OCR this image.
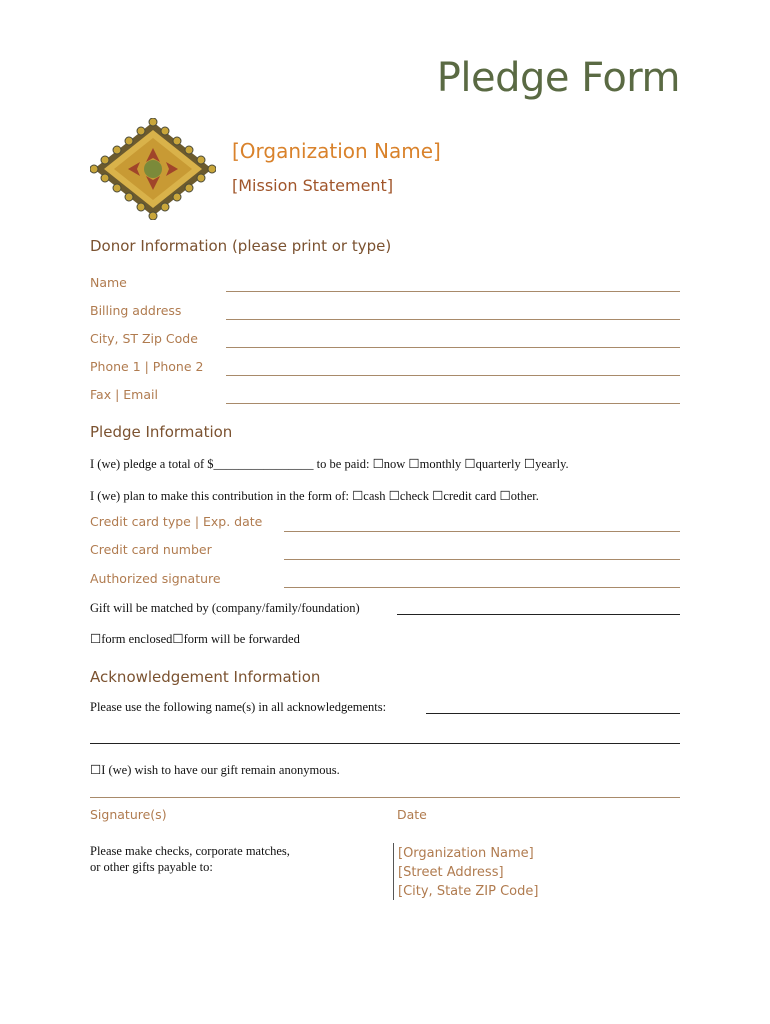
Pledge Form
[Organization Name]
[Mission Statement]
Donor Information (please print or type)
Name
Billing address
City, ST Zip Code
Phone 1 | Phone 2
Fax | Email
Pledge Information
I (we) pledge a total of $________________ to be paid: ☐now ☐monthly ☐quarterly ☐yearly.
I (we) plan to make this contribution in the form of: ☐cash ☐check ☐credit card ☐other.
Credit card type | Exp. date
Credit card number
Authorized signature
Gift will be matched by (company/family/foundation)
☐form enclosed☐form will be forwarded
Acknowledgement Information
Please use the following name(s) in all acknowledgements:
☐I (we) wish to have our gift remain anonymous.
Signature(s)	Date
Please make checks, corporate matches,
or other gifts payable to:
[Organization Name]
[Street Address]
[City, State ZIP Code]
